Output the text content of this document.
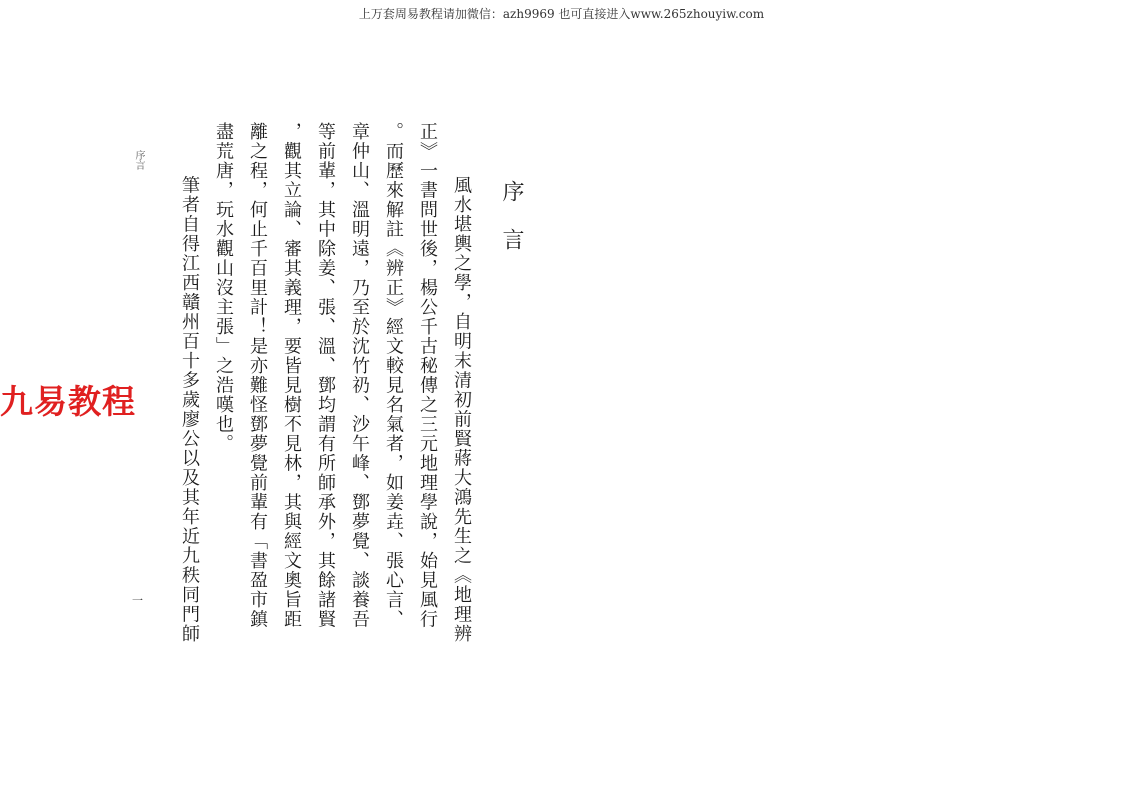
上万套周易教程请加微信：azh9969 也可直接进入www.265zhouyiw.com
九易教程
序言
一
序言
　風水堪輿之學，自明末清初前賢蔣大鴻先生之《地理辨
正》一書問世後，楊公千古秘傳之三元地理學說，始見風行
。而歷來解註《辨正》經文較見名氣者，如姜垚、張心言、
章仲山、溫明遠，乃至於沈竹礽、沙午峰、鄧夢覺、談養吾
等前輩，其中除姜、張、溫、鄧均謂有所師承外，其餘諸賢
，觀其立論、審其義理，要皆見樹不見林，其與經文奧旨距
離之程，何止千百里計！是亦難怪鄧夢覺前輩有「書盈市鎮
盡荒唐，玩水觀山沒主張」之浩嘆也。
　筆者自得江西贛州百十多歲廖公以及其年近九秩同門師
